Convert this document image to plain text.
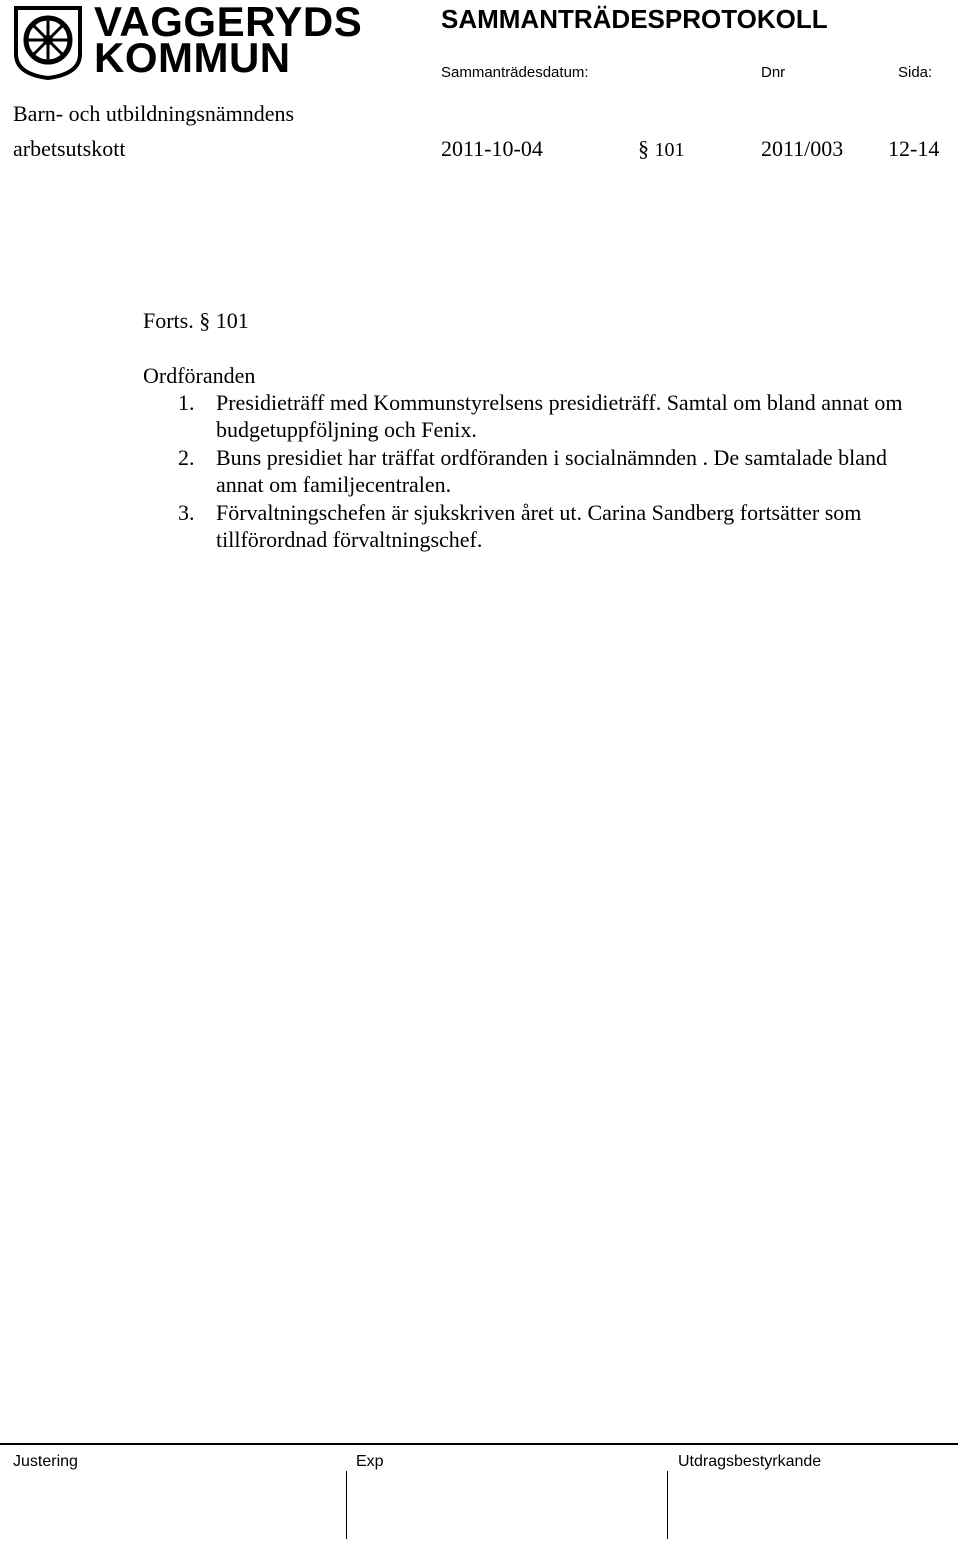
VAGGERYDS
KOMMUN
SAMMANTRÄDESPROTOKOLL
Sammanträdesdatum:	Dnr	Sida:
Barn- och utbildningsnämndens
arbetsutskott	2011-10-04	§ 101	2011/003 12-14
Forts. § 101
Ordföranden
1. Presidieträff med Kommunstyrelsens presidieträff. Samtal om bland annat om budgetuppföljning och Fenix.
2. Buns presidiet har träffat ordföranden i socialnämnden . De samtalade bland annat om familjecentralen.
3. Förvaltningschefen är sjukskriven året ut. Carina Sandberg fortsätter som tillförordnad förvaltningschef.
Justering	Exp	Utdragsbestyrkande
